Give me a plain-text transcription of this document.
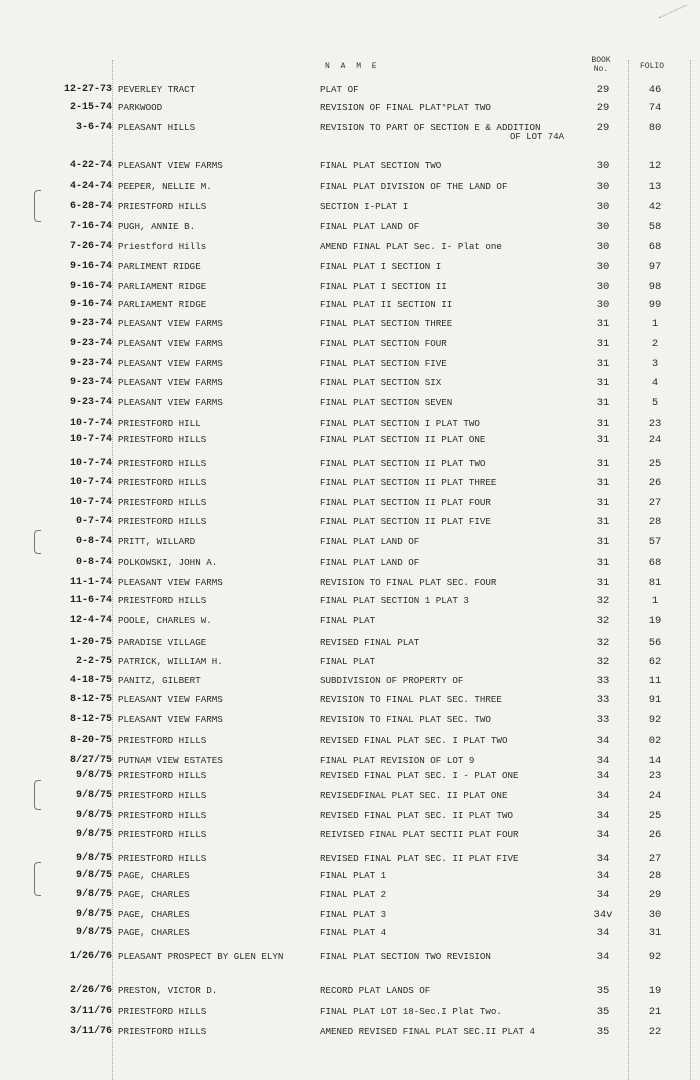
N A M E
BOOK No.	FOLIO
12-27-73 PEVERLEY TRACT	PLAT OF	29	46
2-15-74 PARKWOOD	REVISION OF FINAL PLAT°PLAT TWO	29	74
3-6-74 PLEASANT HILLS	REVISION TO PART OF SECTION E & ADDITION	29	80
OF LOT 74A
4-22-74 PLEASANT VIEW FARMS	FINAL PLAT SECTION TWO	30	12
4-24-74 PEEPER, NELLIE M.	FINAL PLAT DIVISION OF THE LAND OF	30	13
6-28-74 PRIESTFORD HILLS	SECTION I-PLAT I	30	42
7-16-74 PUGH, ANNIE B.	FINAL PLAT LAND OF	30	58
7-26-74 Priestford Hills	AMEND FINAL PLAT Sec. I- Plat one	30	68
9-16-74 PARLIMENT RIDGE	FINAL PLAT I SECTION I	30	97
9-16-74 PARLIAMENT RIDGE	FINAL PLAT I SECTION II	30	98
9-16-74 PARLIAMENT RIDGE	FINAL PLAT II SECTION II	30	99
9-23-74 PLEASANT VIEW FARMS	FINAL PLAT SECTION THREE	31	1
9-23-74 PLEASANT VIEW FARMS	FINAL PLAT SECTION FOUR	31	2
9-23-74 PLEASANT VIEW FARMS	FINAL PLAT SECTION FIVE	31	3
9-23-74 PLEASANT VIEW FARMS	FINAL PLAT SECTION SIX	31	4
9-23-74 PLEASANT VIEW FARMS	FINAL PLAT SECTION SEVEN	31	5
10-7-74 PRIESTFORD HILL	FINAL PLAT SECTION I PLAT TWO	31	23
10-7-74 PRIESTFORD HILLS	FINAL PLAT SECTION II PLAT ONE	31	24
10-7-74 PRIESTFORD HILLS	FINAL PLAT SECTION II PLAT TWO	31	25
10-7-74 PRIESTFORD HILLS	FINAL PLAT SECTION II PLAT THREE	31	26
10-7-74 PRIESTFORD HILLS	FINAL PLAT SECTION II PLAT FOUR	31	27
0-7-74 PRIESTFORD HILLS	FINAL PLAT SECTION II PLAT FIVE	31	28
0-8-74 PRITT, WILLARD	FINAL PLAT LAND OF	31	57
0-8-74 POLKOWSKI, JOHN A.	FINAL PLAT LAND OF	31	68
11-1-74 PLEASANT VIEW FARMS	REVISION TO FINAL PLAT SEC. FOUR	31	81
11-6-74 PRIESTFORD HILLS	FINAL PLAT SECTION 1 PLAT 3	32	1
12-4-74 POOLE, CHARLES W.	FINAL PLAT	32	19
1-20-75 PARADISE VILLAGE	REVISED FINAL PLAT	32	56
2-2-75 PATRICK, WILLIAM H.	FINAL PLAT	32	62
4-18-75 PANITZ, GILBERT	SUBDIVISION OF PROPERTY OF	33	11
8-12-75 PLEASANT VIEW FARMS	REVISION TO FINAL PLAT SEC. THREE	33	91
8-12-75 PLEASANT VIEW FARMS	REVISION TO FINAL PLAT SEC. TWO	33	92
8-20-75 PRIESTFORD HILLS	REVISED FINAL PLAT SEC. I PLAT TWO	34	02
8/27/75 PUTNAM VIEW ESTATES	FINAL PLAT REVISION OF LOT 9	34	14
9/8/75 PRIESTFORD HILLS	REVISED FINAL PLAT SEC. I - PLAT ONE	34	23
9/8/75 PRIESTFORD HILLS	REVISEDFINAL PLAT SEC. II PLAT ONE	34	24
9/8/75 PRIESTFORD HILLS	REVISED FINAL PLAT SEC. II PLAT TWO	34	25
9/8/75 PRIESTFORD HILLS	REIVISED FINAL PLAT SECTII PLAT FOUR	34	26
9/8/75 PRIESTFORD HILLS	REVISED FINAL PLAT SEC. II PLAT FIVE	34	27
9/8/75 PAGE, CHARLES	FINAL PLAT 1	34	28
9/8/75 PAGE, CHARLES	FINAL PLAT 2	34	29
9/8/75 PAGE, CHARLES	FINAL PLAT 3	34v	30
9/8/75 PAGE, CHARLES	FINAL PLAT 4	34	31
1/26/76 PLEASANT PROSPECT BY GLEN ELYN	FINAL PLAT SECTION TWO REVISION	34	92
2/26/76 PRESTON, VICTOR D.	RECORD PLAT LANDS OF	35	19
3/11/76 PRIESTFORD HILLS	FINAL PLAT LOT 18-Sec.I Plat Two.	35	21
3/11/76 PRIESTFORD HILLS	AMENED REVISED FINAL PLAT SEC.II PLAT 4	35	22
